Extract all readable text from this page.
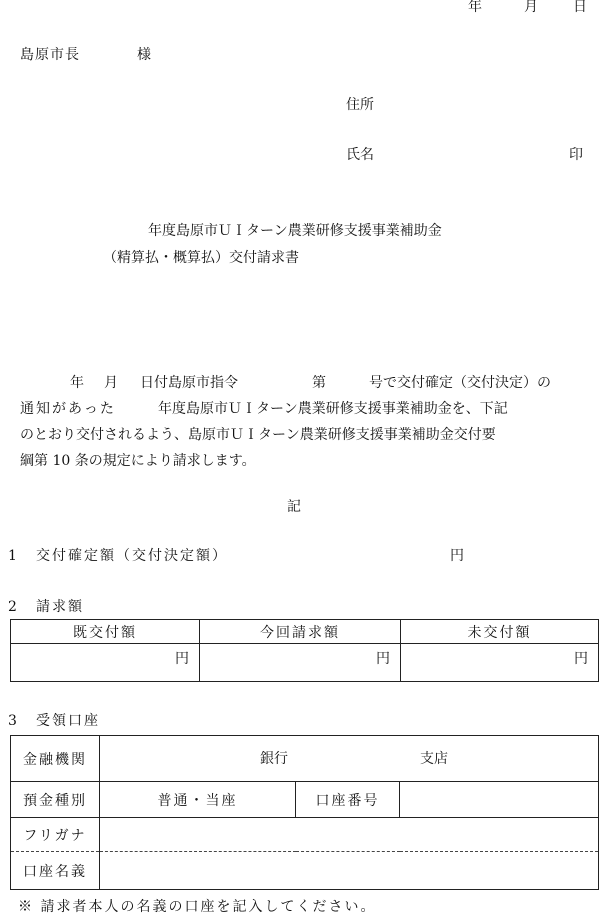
年	月	日
島原市長	様
住所
氏名	印
年度島原市ＵＩターン農業研修支援事業補助金
（精算払・概算払）交付請求書
年 月 日付島原市指令	第	号で交付確定（交付決定）の
通知があった	年度島原市ＵＩターン農業研修支援事業補助金を、下記
のとおり交付されるよう、島原市ＵＩターン農業研修支援事業補助金交付要
綱第 10 条の規定により請求します。
記
1 交付確定額（交付決定額）	円
2 請求額
既交付額	今回請求額	未交付額
円	円	円
3 受領口座
金融機関	銀行 支店		

預金種別	普通・当座	口座番号	
フリガナ			
口座名義			
※ 請求者本人の名義の口座を記入してください。
